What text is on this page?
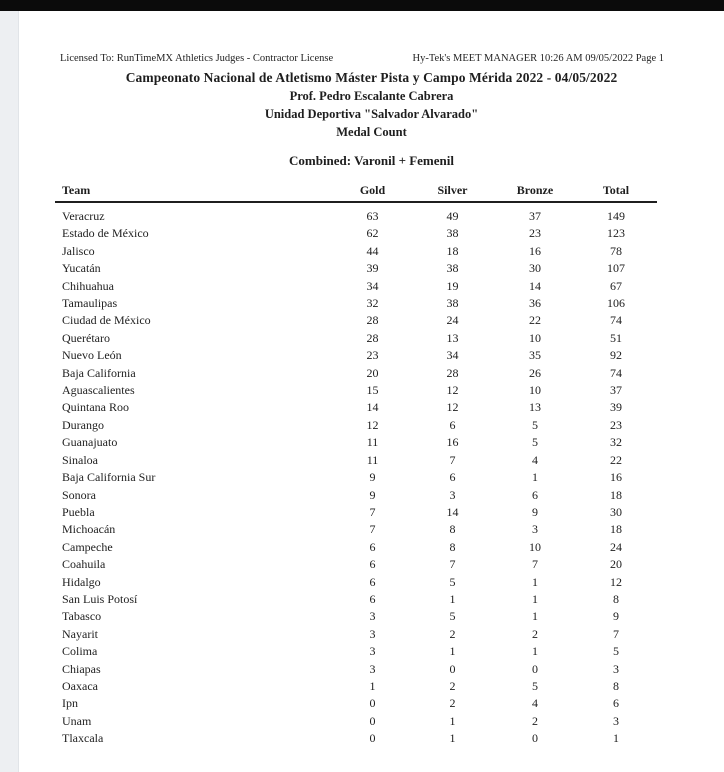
Licensed To: RunTimeMX Athletics Judges - Contractor License	Hy-Tek's MEET MANAGER 10:26 AM 09/05/2022 Page 1
Campeonato Nacional de Atletismo Máster Pista y Campo Mérida 2022 - 04/05/2022
Prof. Pedro Escalante Cabrera
Unidad Deportiva "Salvador Alvarado"
Medal Count
Combined: Varonil + Femenil
Team	Gold	Silver	Bronze	Total
Veracruz	63	49	37	149
Estado de México	62	38	23	123
Jalisco	44	18	16	78
Yucatán	39	38	30	107
Chihuahua	34	19	14	67
Tamaulipas	32	38	36	106
Ciudad de México	28	24	22	74
Querétaro	28	13	10	51
Nuevo León	23	34	35	92
Baja California	20	28	26	74
Aguascalientes	15	12	10	37
Quintana Roo	14	12	13	39
Durango	12	6	5	23
Guanajuato	11	16	5	32
Sinaloa	11	7	4	22
Baja California Sur	9	6	1	16
Sonora	9	3	6	18
Puebla	7	14	9	30
Michoacán	7	8	3	18
Campeche	6	8	10	24
Coahuila	6	7	7	20
Hidalgo	6	5	1	12
San Luis Potosí	6	1	1	8
Tabasco	3	5	1	9
Nayarit	3	2	2	7
Colima	3	1	1	5
Chiapas	3	0	0	3
Oaxaca	1	2	5	8
Ipn	0	2	4	6
Unam	0	1	2	3
Tlaxcala	0	1	0	1
